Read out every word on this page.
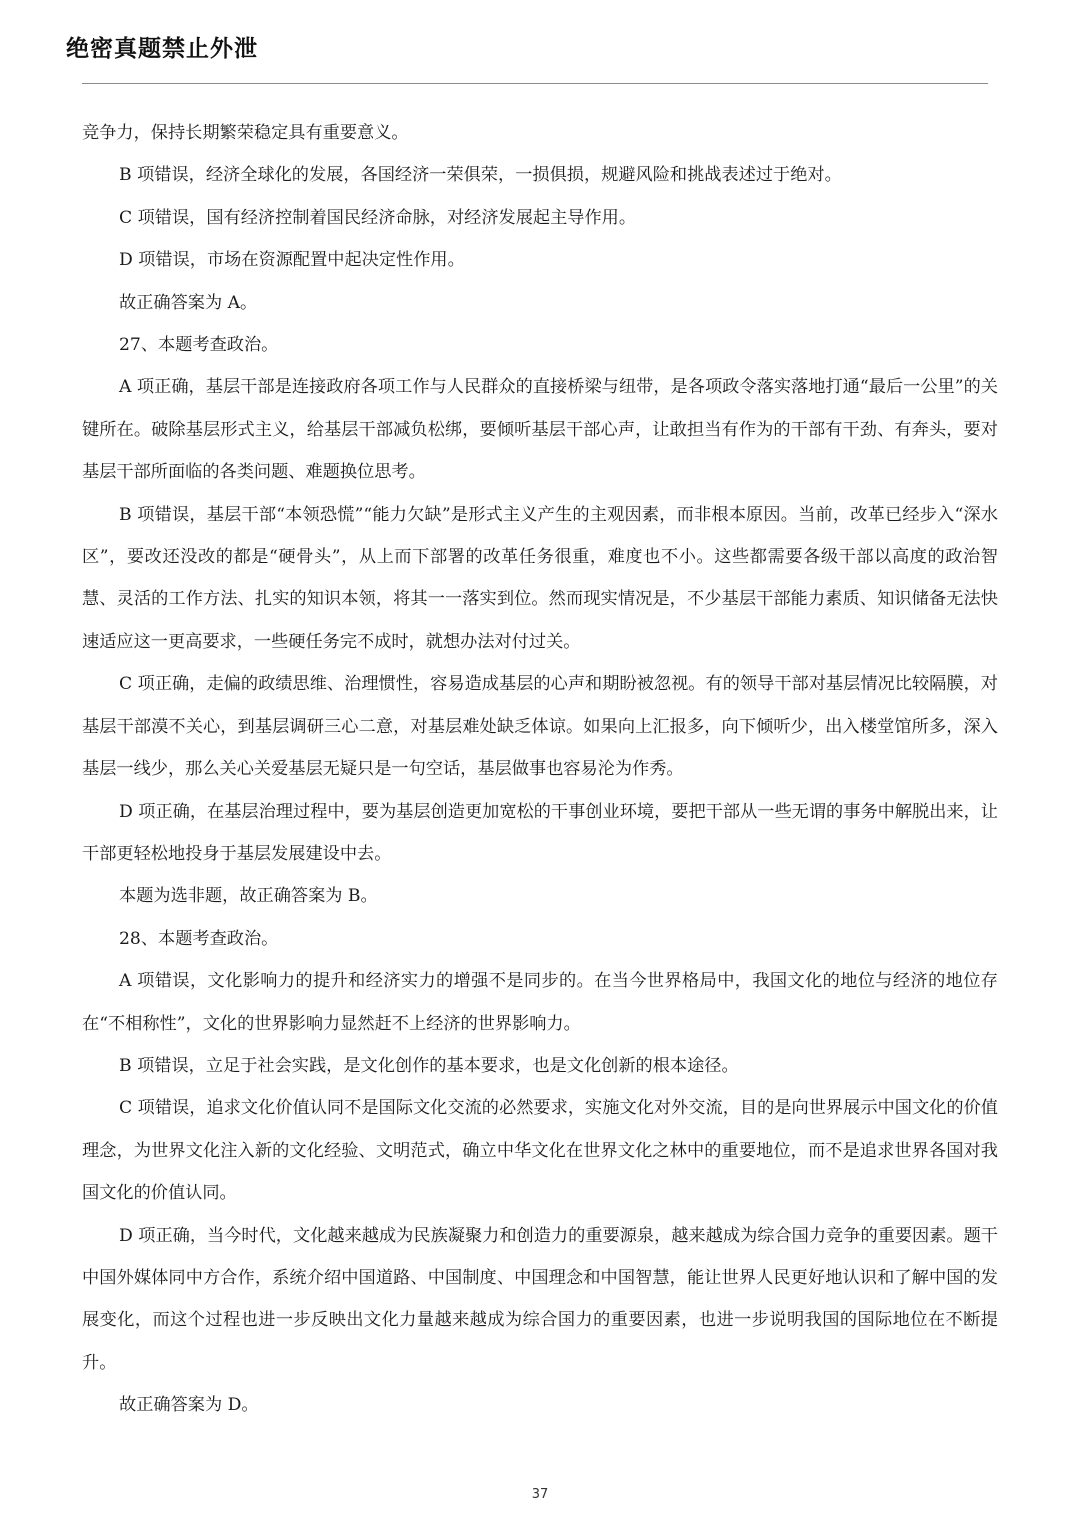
绝密真题禁止外泄

竞争力，保持长期繁荣稳定具有重要意义。

B 项错误，经济全球化的发展，各国经济一荣俱荣，一损俱损，规避风险和挑战表述过于绝对。

C 项错误，国有经济控制着国民经济命脉，对经济发展起主导作用。

D 项错误，市场在资源配置中起决定性作用。

故正确答案为 A。

27、本题考查政治。

A 项正确，基层干部是连接政府各项工作与人民群众的直接桥梁与纽带，是各项政令落实落地打通“最后一公里”的关键所在。破除基层形式主义，给基层干部减负松绑，要倾听基层干部心声，让敢担当有作为的干部有干劲、有奔头，要对基层干部所面临的各类问题、难题换位思考。

B 项错误，基层干部“本领恐慌”“能力欠缺”是形式主义产生的主观因素，而非根本原因。当前，改革已经步入“深水区”，要改还没改的都是“硬骨头”，从上而下部署的改革任务很重，难度也不小。这些都需要各级干部以高度的政治智慧、灵活的工作方法、扎实的知识本领，将其一一落实到位。然而现实情况是，不少基层干部能力素质、知识储备无法快速适应这一更高要求，一些硬任务完不成时，就想办法对付过关。

C 项正确，走偏的政绩思维、治理惯性，容易造成基层的心声和期盼被忽视。有的领导干部对基层情况比较隔膜，对基层干部漠不关心，到基层调研三心二意，对基层难处缺乏体谅。如果向上汇报多，向下倾听少，出入楼堂馆所多，深入基层一线少，那么关心关爱基层无疑只是一句空话，基层做事也容易沦为作秀。

D 项正确，在基层治理过程中，要为基层创造更加宽松的干事创业环境，要把干部从一些无谓的事务中解脱出来，让干部更轻松地投身于基层发展建设中去。

本题为选非题，故正确答案为 B。

28、本题考查政治。

A 项错误，文化影响力的提升和经济实力的增强不是同步的。在当今世界格局中，我国文化的地位与经济的地位存在“不相称性”，文化的世界影响力显然赶不上经济的世界影响力。

B 项错误，立足于社会实践，是文化创作的基本要求，也是文化创新的根本途径。

C 项错误，追求文化价值认同不是国际文化交流的必然要求，实施文化对外交流，目的是向世界展示中国文化的价值理念，为世界文化注入新的文化经验、文明范式，确立中华文化在世界文化之林中的重要地位，而不是追求世界各国对我国文化的价值认同。

D 项正确，当今时代，文化越来越成为民族凝聚力和创造力的重要源泉，越来越成为综合国力竞争的重要因素。题干中国外媒体同中方合作，系统介绍中国道路、中国制度、中国理念和中国智慧，能让世界人民更好地认识和了解中国的发展变化，而这个过程也进一步反映出文化力量越来越成为综合国力的重要因素，也进一步说明我国的国际地位在不断提升。

故正确答案为 D。

37
